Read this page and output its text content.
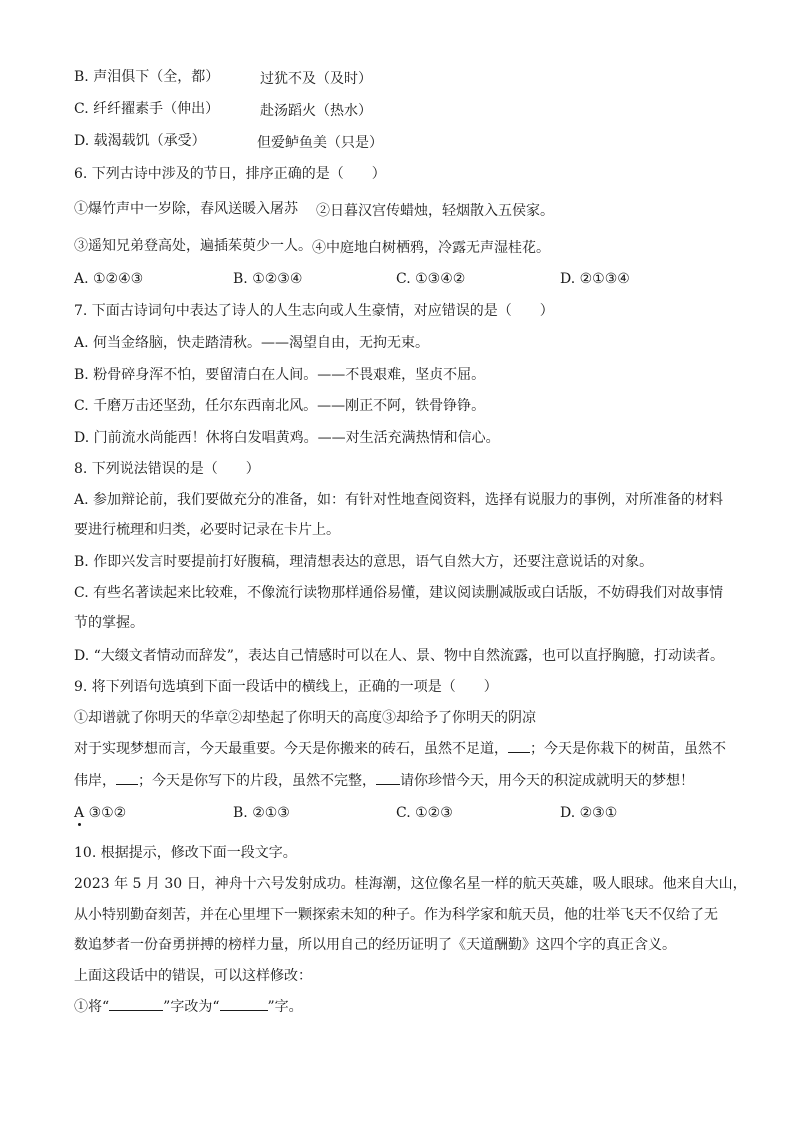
B. 声泪俱下（全，都）	过犹不及（及时）
C. 纤纤擢素手（伸出）	赴汤蹈火（热水）
D. 载渴载饥（承受）	但爱鲈鱼美（只是）
6. 下列古诗中涉及的节日，排序正确的是（　　）
①爆竹声中一岁除，春风送暖入屠苏 ②日暮汉宫传蜡烛，轻烟散入五侯家。
③遥知兄弟登高处，遍插茱萸少一人。 ④中庭地白树栖鸦，冷露无声湿桂花。
A. ①②④③	B. ①②③④	C. ①③④②	D. ②①③④
7. 下面古诗词句中表达了诗人的人生志向或人生豪情，对应错误的是（　　）
A. 何当金络脑，快走踏清秋。——渴望自由，无拘无束。
B. 粉骨碎身浑不怕，要留清白在人间。——不畏艰难，坚贞不屈。
C. 千磨万击还坚劲，任尔东西南北风。——刚正不阿，铁骨铮铮。
D. 门前流水尚能西！休将白发唱黄鸡。——对生活充满热情和信心。
8. 下列说法错误的是（　　）
A. 参加辩论前，我们要做充分的准备，如：有针对性地查阅资料，选择有说服力的事例，对所准备的材料
要进行梳理和归类，必要时记录在卡片上。
B. 作即兴发言时要提前打好腹稿，理清想表达的意思，语气自然大方，还要注意说话的对象。
C. 有些名著读起来比较难，不像流行读物那样通俗易懂，建议阅读删减版或白话版，不妨碍我们对故事情
节的掌握。
D. “大缀文者情动而辞发”，表达自己情感时可以在人、景、物中自然流露，也可以直抒胸臆，打动读者。
9. 将下列语句选填到下面一段话中的横线上，正确的一项是（　　）
①却谱就了你明天的华章②却垫起了你明天的高度③却给予了你明天的阴凉
对于实现梦想而言，今天最重要。今天是你搬来的砖石，虽然不足道， ；今天是你栽下的树苗，虽然不
伟岸， ；今天是你写下的片段，虽然不完整， 请你珍惜今天，用今天的积淀成就明天的梦想！
A ③①②	B. ②①③	C. ①②③	D. ②③①
10. 根据提示，修改下面一段文字。
2023 年 5 月 30 日，神舟十六号发射成功。桂海潮，这位像名星一样的航天英雄，吸人眼球。他来自大山，
从小特别勤奋刻苦，并在心里埋下一颗探索未知的种子。作为科学家和航天员，他的壮举飞天不仅给了无
数追梦者一份奋勇拼搏的榜样力量，所以用自己的经历证明了《天道酬勤》这四个字的真正含义。
上面这段话中的错误，可以这样修改：
①将“	”字改为“	”字。
